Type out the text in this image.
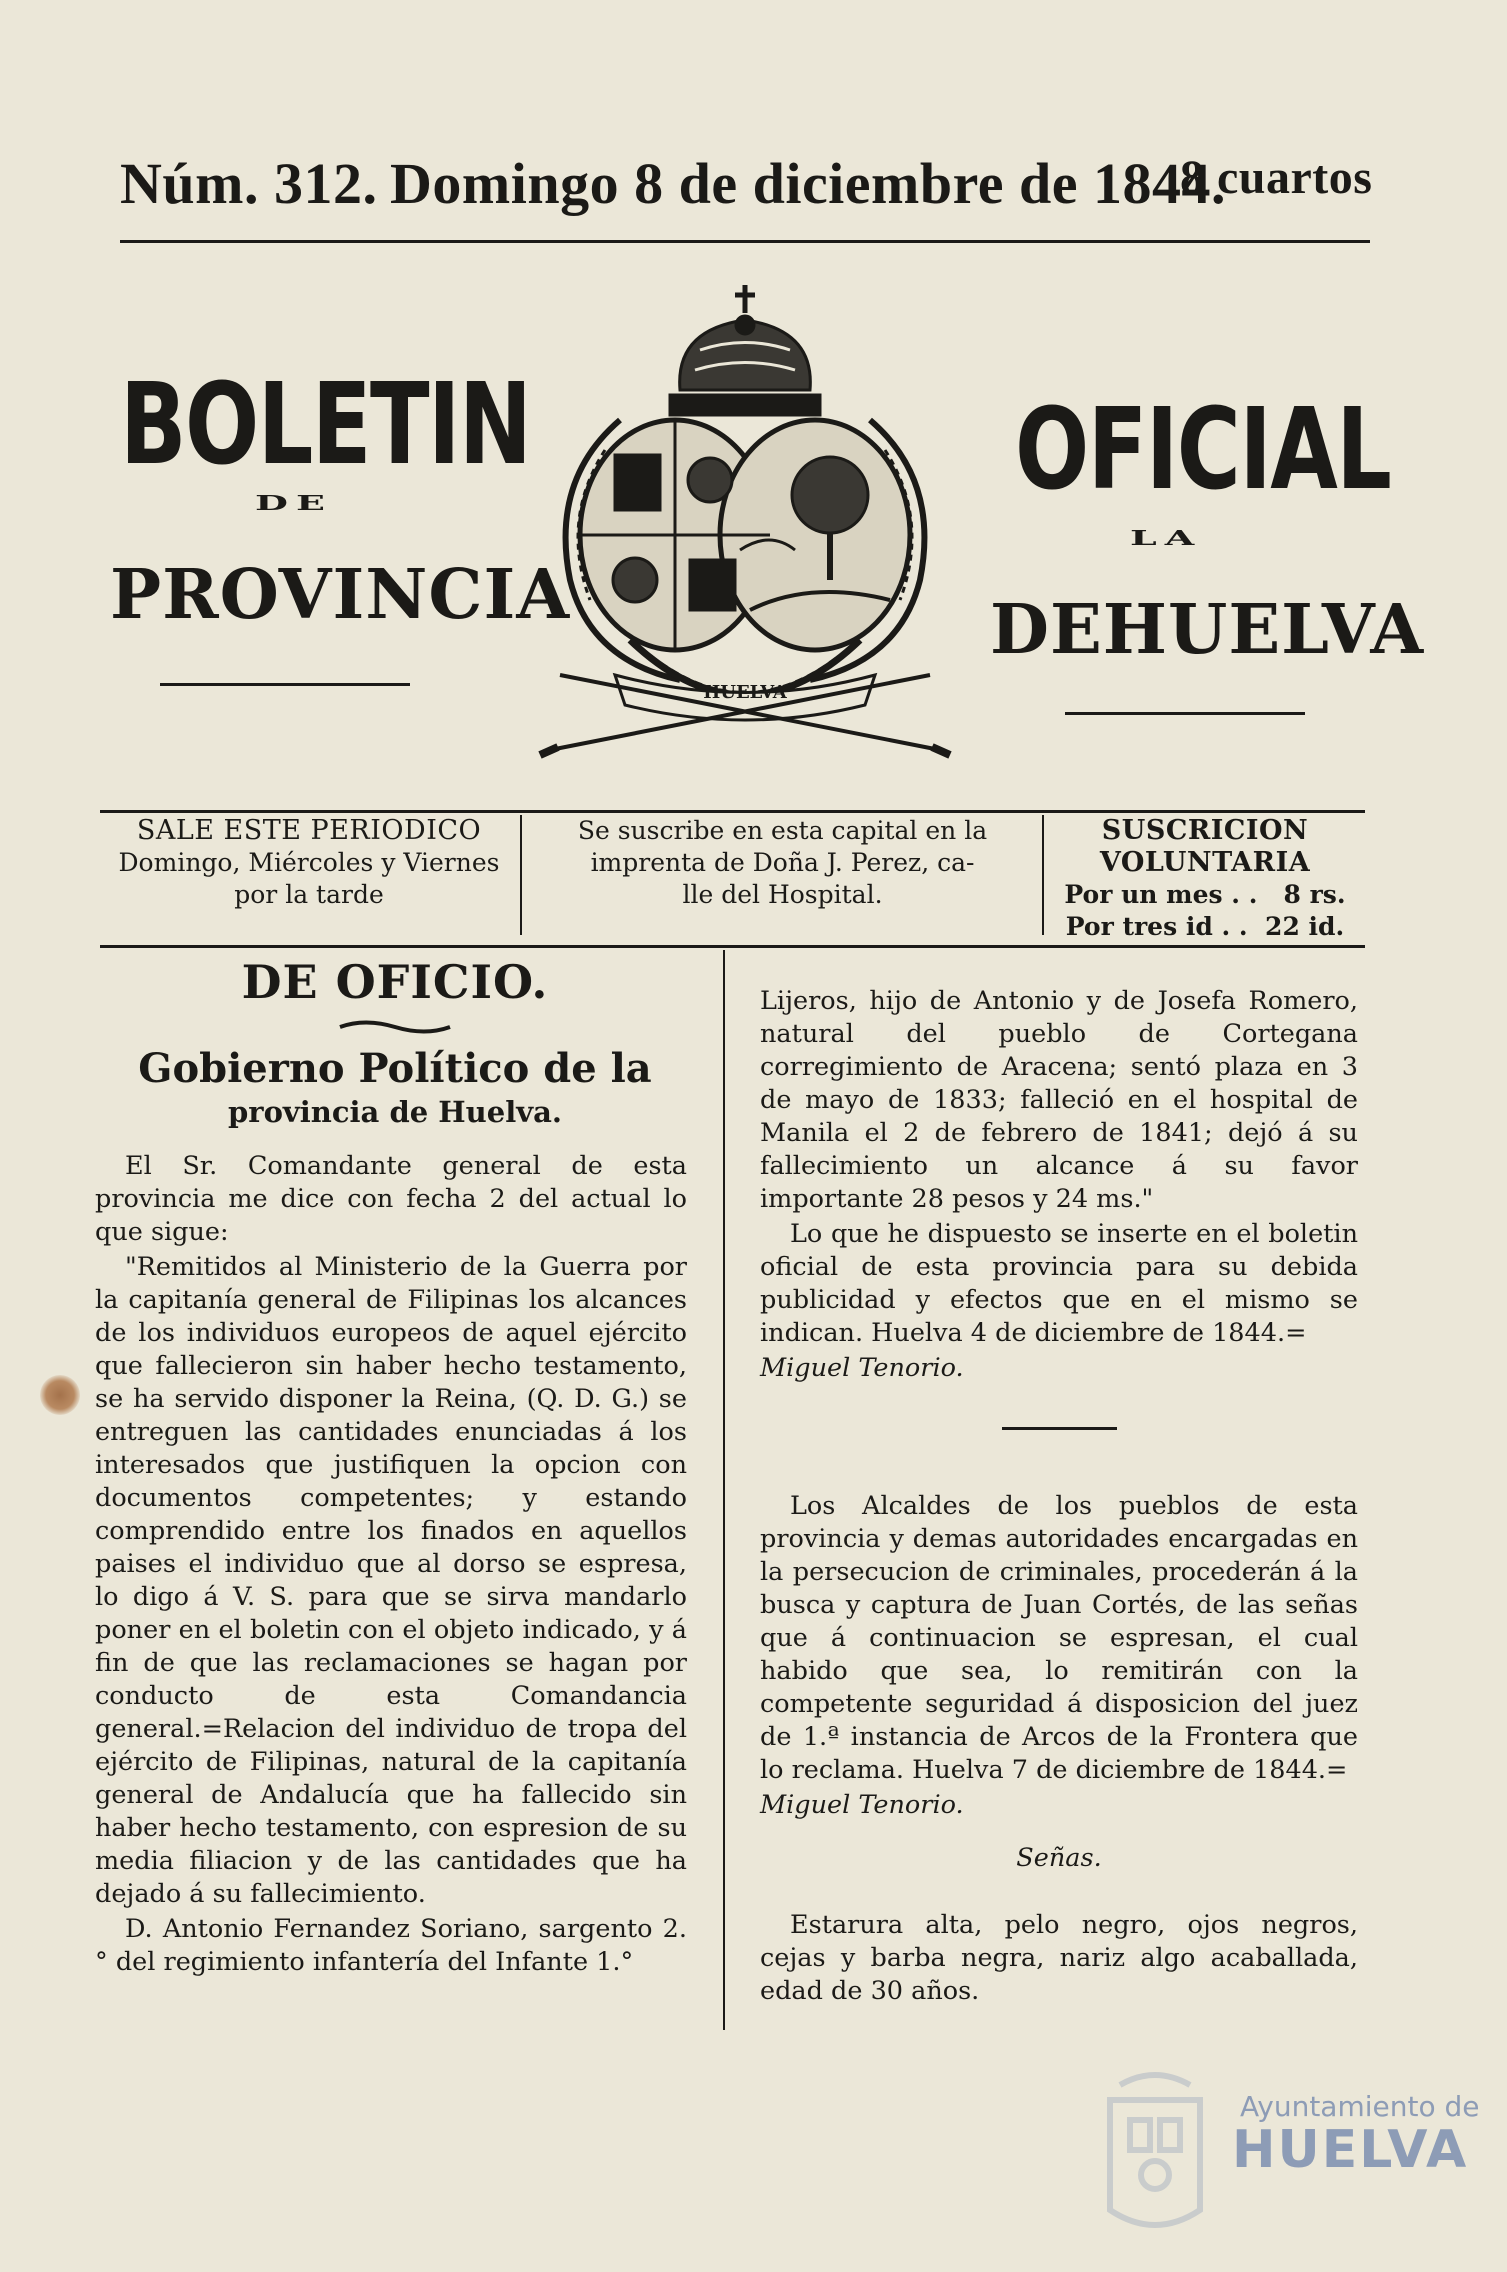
Núm. 312. Domingo 8 de diciembre de 1844.
8 cuartos
BOLETIN
DE
PROVINCIA
OFICIAL
LA
DEHUELVA
HUELVA
SALE ESTE PERIODICO
Domingo, Miércoles y Viernes
por la tarde
Se suscribe en esta capital en la
imprenta de Doña J. Perez, ca-
lle del Hospital.
SUSCRICION VOLUNTARIA
Por un mes . .   8 rs.
Por tres id . .  22 id.
DE OFICIO.
Gobierno Político de la
provincia de Huelva.

El Sr. Comandante general de esta provincia me dice con fecha 2 del actual lo que sigue:

"Remitidos al Ministerio de la Guerra por la capitanía general de Filipinas los alcances de los individuos europeos de aquel ejército que fallecieron sin haber hecho testamento, se ha servido disponer la Reina, (Q. D. G.) se entreguen las cantidades enunciadas á los interesados que justifiquen la opcion con documentos competentes; y estando comprendido entre los finados en aquellos paises el individuo que al dorso se espresa, lo digo á V. S. para que se sirva mandarlo poner en el boletin con el objeto indicado, y á fin de que las reclamaciones se hagan por conducto de esta Comandancia general.=Relacion del individuo de tropa del ejército de Filipinas, natural de la capitanía general de Andalucía que ha fallecido sin haber hecho testamento, con espresion de su media filiacion y de las cantidades que ha dejado á su fallecimiento.

D. Antonio Fernandez Soriano, sargento 2.° del regimiento infantería del Infante 1.°

Lijeros, hijo de Antonio y de Josefa Romero, natural del pueblo de Cortegana corregimiento de Aracena; sentó plaza en 3 de mayo de 1833; falleció en el hospital de Manila el 2 de febrero de 1841; dejó á su fallecimiento un alcance á su favor importante 28 pesos y 24 ms."

Lo que he dispuesto se inserte en el boletin oficial de esta provincia para su debida publicidad y efectos que en el mismo se indican. Huelva 4 de diciembre de 1844.=

Miguel Tenorio.

Los Alcaldes de los pueblos de esta provincia y demas autoridades encargadas en la persecucion de criminales, procederán á la busca y captura de Juan Cortés, de las señas que á continuacion se espresan, el cual habido que sea, lo remitirán con la competente seguridad á disposicion del juez de 1.ª instancia de Arcos de la Frontera que lo reclama. Huelva 7 de diciembre de 1844.=

Miguel Tenorio.

Señas.

Estarura alta, pelo negro, ojos negros, cejas y barba negra, nariz algo acaballada, edad de 30 años.

Ayuntamiento de
HUELVA
